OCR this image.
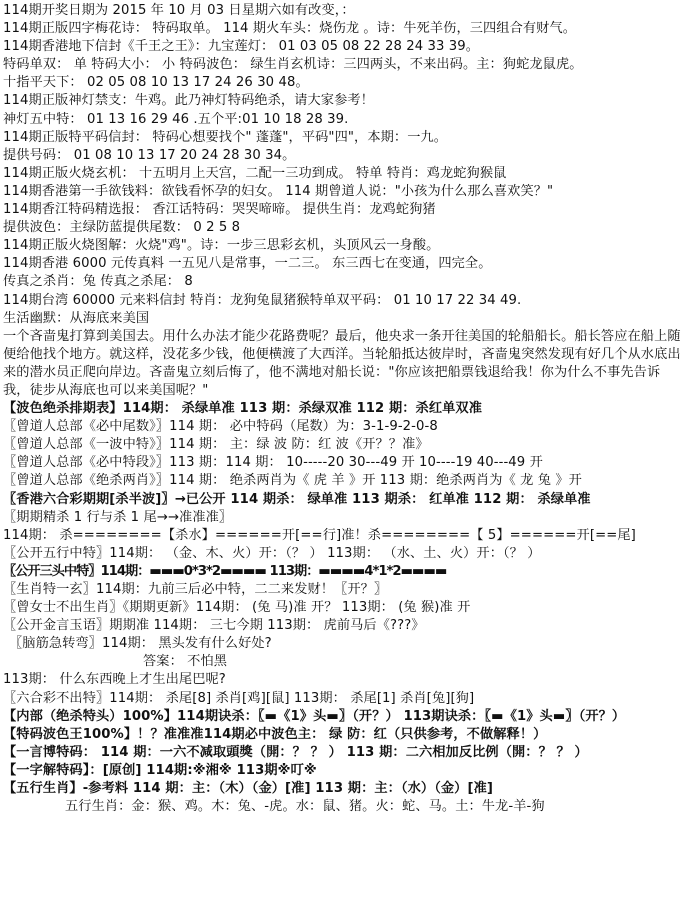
114期开奖日期为 2015 年 10 月 03 日星期六如有改变，：
114期正版四字梅花诗： 特码取单。 114 期火车头：烧伤龙 。诗：牛死羊伤，三四组合有财气。
114期香港地下信封《千王之王》：九宝莲灯： 01 03 05 08 22 28 24 33 39。
特码单双： 单 特码大小： 小 特码波色： 绿生肖玄机诗：三四两头，不来出码。主：狗蛇龙鼠虎。
十指平天下： 02 05 08 10 13 17 24 26 30 48。
114期正版神灯禁支：牛鸡。此乃神灯特码绝杀，请大家参考！
神灯五中特： 01 13 16 29 46 .五个平:01 10 18 28 39.
114期正版特平码信封： 特码心想要找个" 蓬蓬"，平码"四"，本期：一九。
提供号码： 01 08 10 13 17 20 24 28 30 34。
114期正版火烧玄机： 十五明月上天宫，二配一三功到成。 特单 特肖：鸡龙蛇狗猴鼠
114期香港第一手欲钱料：欲钱看怀孕的妇女。 114 期曾道人说："小孩为什么那么喜欢笑？"
114期香江特码精选报： 香江话特码：哭哭啼啼。 提供生肖：龙鸡蛇狗猪
提供波色：主绿防蓝提供尾数： 0 2 5 8
114期正版火烧图解：火烧"鸡"。诗：一步三思彩玄机，头顶风云一身酸。
114期香港 6000 元传真料 一五见八是常事，一二三。 东三西七在变通，四完全。
传真之杀肖：兔 传真之杀尾： 8
114期台湾 60000 元来料信封 特肖：龙狗兔鼠猪猴特单双平码： 01 10 17 22 34 49.
生活幽默：从海底来美国
一个吝啬鬼打算到美国去。用什么办法才能少花路费呢？最后，他央求一条开往美国的轮船船长。船长答应在船上随便给他找个地方。就这样，没花多少钱，他便横渡了大西洋。当轮船抵达彼岸时，吝啬鬼突然发现有好几个从水底出来的潜水员正爬向岸边。吝啬鬼立刻后悔了，他不满地对船长说："你应该把船票钱退给我！你为什么不事先告诉我，徒步从海底也可以来美国呢？"
【波色绝杀排期表】114期： 杀绿单准 113 期：杀绿双准 112 期：杀红单双准
〖曾道人总部《必中尾数》〗114 期： 必中特码（尾数）为：3-1-9-2-0-8
〖曾道人总部《一波中特》〗114 期： 主：绿 波 防：红 波《开？？准》
〖曾道人总部《必中特段》〗113 期：114 期： 10-----20 30---49 开 10----19 40---49 开
〖曾道人总部《绝杀两肖》〗114 期： 绝杀两肖为《 虎 羊 》开 113 期：绝杀两肖为《 龙 兔 》开
〖香港六合彩期期[杀半波]〗→已公开 114 期杀： 绿单准 113 期杀： 红单准 112 期： 杀绿单准
〖期期精杀 1 行与杀 1 尾→→准准准〗
114期： 杀========【杀水】======开[==行]准！杀========【 5】======开[==尾]
〖公开五行中特〗114期： （金、木、火）开：（？ ） 113期： （水、土、火）开：（？ ）
〖公开三头中特〗114期：▬▬▬0*3*2▬▬▬▬ 113期：▬▬▬▬4*1*2▬▬▬▬
〖生肖特一玄〗114期：九前三后必中特，二二来发财！〖开？〗
〖曾女士不出生肖〗《期期更新》114期： (兔 马)准 开？ 113期： (兔 猴)准 开
〖公开金言玉语〗期期准 114期： 三七今期 113期： 虎前马后《???》
〖脑筋急转弯〗114期： 黑头发有什么好处?
答案： 不怕黑
113期： 什么东西晚上才生出尾巴呢?
〖六合彩不出特〗114期： 杀尾[8] 杀肖[鸡][鼠] 113期： 杀尾[1] 杀肖[兔][狗]
【内部（绝杀特头）100%】114期诀杀：〖▬《1》头▬〗（开？） 113期诀杀：〖▬《1》头▬〗（开？）
【特码波色王100%】！？准准准114期必中波色主： 绿 防：红（只供参考，不做解释！）
【一言博特码： 114 期：一六不减取頭獎（開：？ ？ ） 113 期：二六相加反比例（開：？ ？ ）
【一字解特码】：[原创] 114期:※湘※ 113期※叮※
【五行生肖】-参考料 114 期：主：（木）（金）[准] 113 期：主：（水）（金）[准]
五行生肖：金：猴、鸡。木：兔、-虎。水：鼠、猪。火：蛇、马。土：牛龙-羊-狗
